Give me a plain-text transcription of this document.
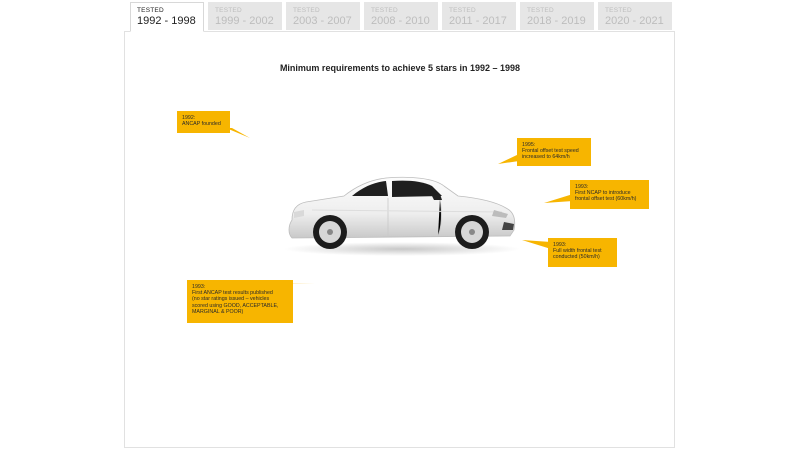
TESTED
1992 - 1998
TESTED
1999 - 2002
TESTED
2003 - 2007
TESTED
2008 - 2010
TESTED
2011 - 2017
TESTED
2018 - 2019
TESTED
2020 - 2021
Minimum requirements to achieve 5 stars in 1992 – 1998
1992:
ANCAP founded
1995:
Frontal offset test speed
increased to 64km/h
1993:
First NCAP to introduce
frontal offset test (60km/h)
1993:
Full width frontal test
conducted (50km/h)
1993:
First ANCAP test results published
(no star ratings issued – vehicles
scored using GOOD, ACCEPTABLE,
MARGINAL & POOR)
